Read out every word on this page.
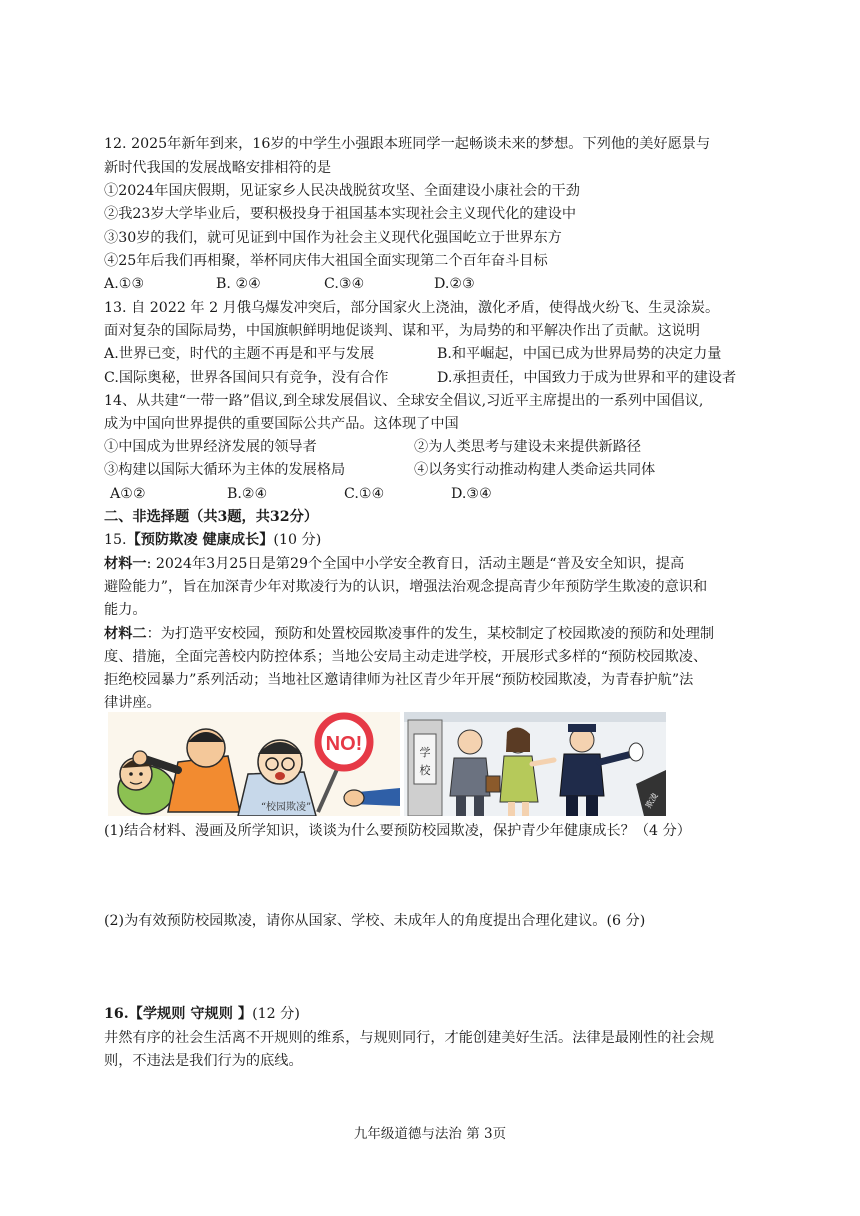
12. 2025年新年到来，16岁的中学生小强跟本班同学一起畅谈未来的梦想。下列他的美好愿景与
新时代我国的发展战略安排相符的是
①2024年国庆假期，见证家乡人民决战脱贫攻坚、全面建设小康社会的干劲
②我23岁大学毕业后，要积极投身于祖国基本实现社会主义现代化的建设中
③30岁的我们，就可见证到中国作为社会主义现代化强国屹立于世界东方
④25年后我们再相聚，举杯同庆伟大祖国全面实现第二个百年奋斗目标
A.①③	B. ②④	C.③④	D.②③
13. 自 2022 年 2 月俄乌爆发冲突后，部分国家火上浇油，激化矛盾，使得战火纷飞、生灵涂炭。
面对复杂的国际局势，中国旗帜鲜明地促谈判、谋和平，为局势的和平解决作出了贡献。这说明
A.世界已变，时代的主题不再是和平与发展	B.和平崛起，中国已成为世界局势的决定力量
C.国际奥秘，世界各国间只有竞争，没有合作	D.承担责任，中国致力于成为世界和平的建设者
14、从共建“一带一路”倡议,到全球发展倡议、全球安全倡议,习近平主席提出的一系列中国倡议,
成为中国向世界提供的重要国际公共产品。这体现了中国
①中国成为世界经济发展的领导者	②为人类思考与建设未来提供新路径
③构建以国际大循环为主体的发展格局	④以务实行动推动构建人类命运共同体
A①②	B.②④	C.①④	D.③④
二、非选择题（共3题，共32分）
15.【预防欺凌 健康成长】(10 分)
材料一: 2024年3月25日是第29个全国中小学安全教育日，活动主题是“普及安全知识，提高
避险能力”，旨在加深青少年对欺凌行为的认识，增强法治观念提高青少年预防学生欺凌的意识和
能力。
材料二：为打造平安校园，预防和处置校园欺凌事件的发生，某校制定了校园欺凌的预防和处理制
度、措施，全面完善校内防控体系；当地公安局主动走进学校，开展形式多样的“预防校园欺凌、
拒绝校园暴力”系列活动；当地社区邀请律师为社区青少年开展“预防校园欺凌，为青春护航”法
律讲座。
NO!
“校园欺凌”
学
校
欺凌
(1)结合材料、漫画及所学知识，谈谈为什么要预防校园欺凌，保护青少年健康成长？（4 分）
(2)为有效预防校园欺凌，请你从国家、学校、未成年人的角度提出合理化建议。(6 分)
16.【学规则 守规则 】(12 分)
井然有序的社会生活离不开规则的维系，与规则同行，才能创建美好生活。法律是最刚性的社会规
则，不违法是我们行为的底线。
九年级道德与法治 第 3页
